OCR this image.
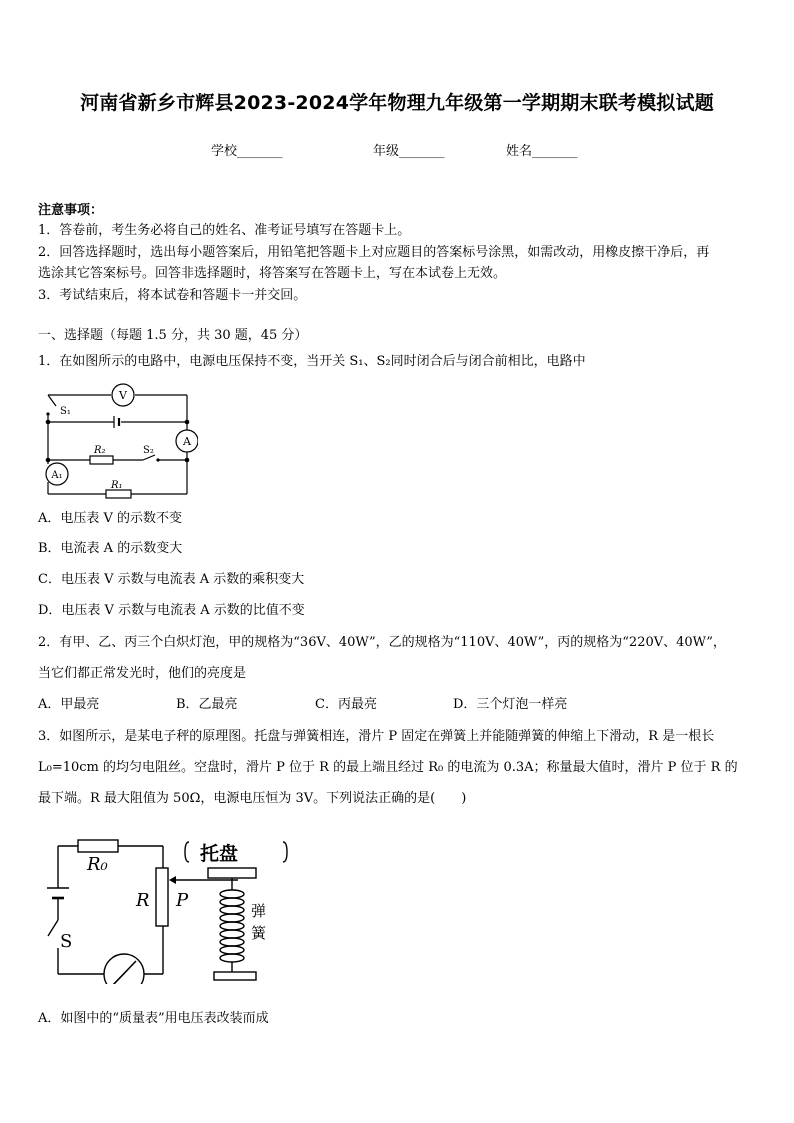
河南省新乡市辉县2023-2024学年物理九年级第一学期期末联考模拟试题
学校_______	年级_______	姓名_______
注意事项：
1．答卷前，考生务必将自己的姓名、准考证号填写在答题卡上。
2．回答选择题时，选出每小题答案后，用铅笔把答题卡上对应题目的答案标号涂黑，如需改动，用橡皮擦干净后，再
选涂其它答案标号。回答非选择题时，将答案写在答题卡上，写在本试卷上无效。
3．考试结束后，将本试卷和答题卡一并交回。
一、选择题（每题 1.5 分，共 30 题，45 分）
1．在如图所示的电路中，电源电压保持不变，当开关 S₁、S₂同时闭合后与闭合前相比，电路中
V
A
A₁
S₁
S₂
R₂
R₁
A．电压表 V 的示数不变
B．电流表 A 的示数变大
C．电压表 V 示数与电流表 A 示数的乘积变大
D．电压表 V 示数与电流表 A 示数的比值不变
2．有甲、乙、丙三个白炽灯泡，甲的规格为“36V、40W”，乙的规格为“110V、40W”，丙的规格为“220V、40W”，
当它们都正常发光时，他们的亮度是
A．甲最亮	B．乙最亮	C．丙最亮	D．三个灯泡一样亮
3．如图所示，是某电子秤的原理图。托盘与弹簧相连，滑片 P 固定在弹簧上并能随弹簧的伸缩上下滑动，R 是一根长
L₀=10cm 的均匀电阻丝。空盘时，滑片 P 位于 R 的最上端且经过 R₀ 的电流为 0.3A；称量最大值时，滑片 P 位于 R 的
最下端。R 最大阻值为 50Ω，电源电压恒为 3V。下列说法正确的是(　　)
R₀
R P
S
托盘
弹
簧
A．如图中的“质量表”用电压表改装而成
